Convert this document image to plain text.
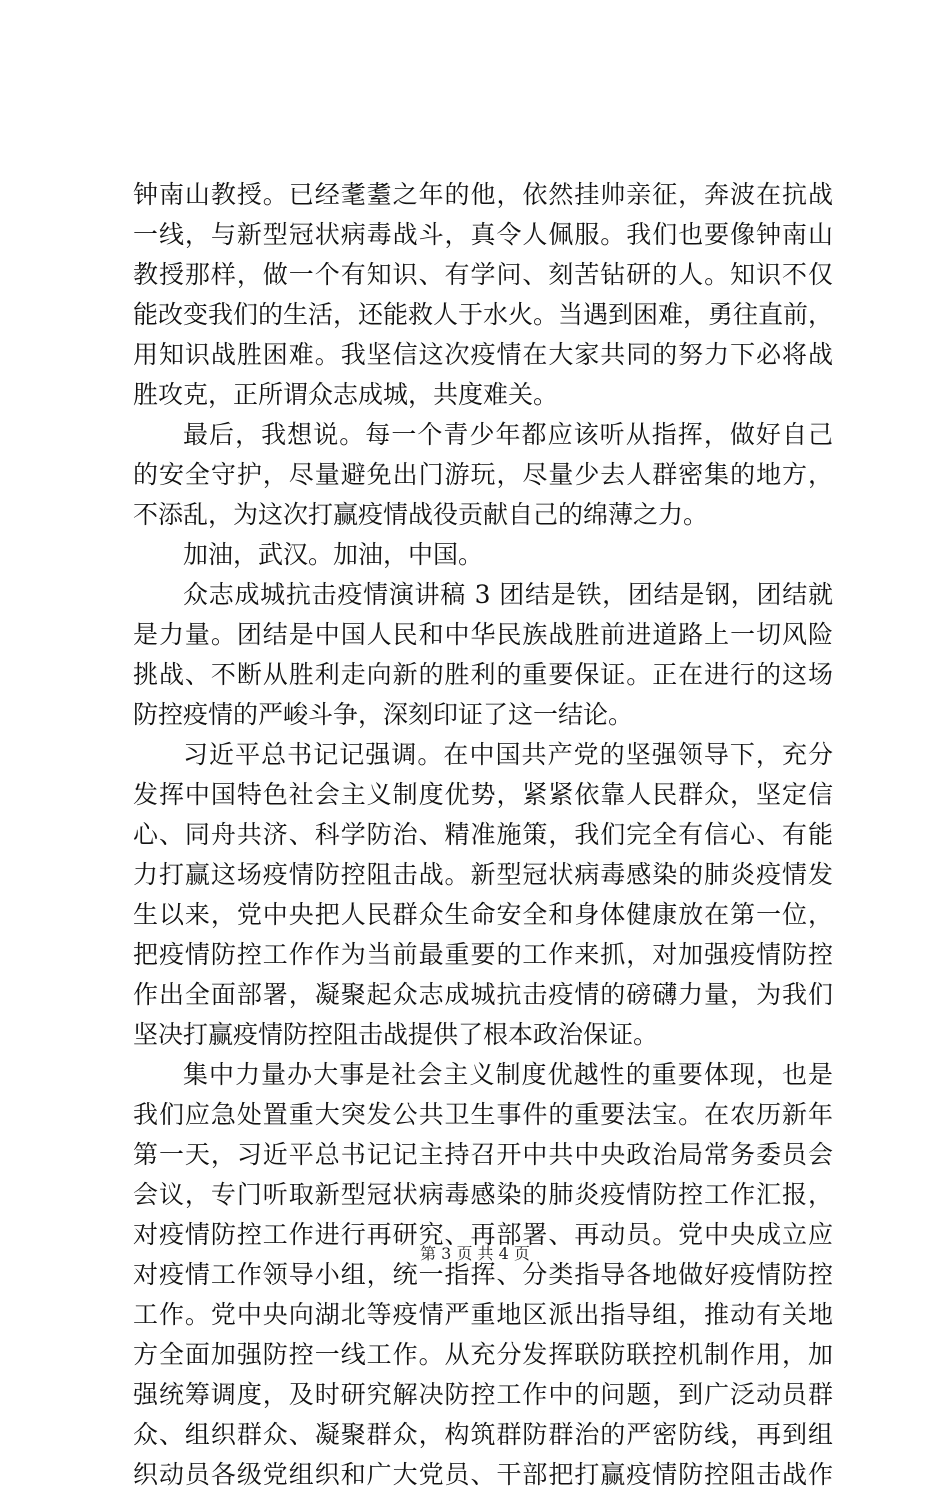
钟南山教授。已经耄耋之年的他，依然挂帅亲征，奔波在抗战
一线，与新型冠状病毒战斗，真令人佩服。我们也要像钟南山
教授那样，做一个有知识、有学问、刻苦钻研的人。知识不仅
能改变我们的生活，还能救人于水火。当遇到困难，勇往直前，
用知识战胜困难。我坚信这次疫情在大家共同的努力下必将战
胜攻克，正所谓众志成城，共度难关。
最后，我想说。每一个青少年都应该听从指挥，做好自己
的安全守护，尽量避免出门游玩，尽量少去人群密集的地方，
不添乱，为这次打赢疫情战役贡献自己的绵薄之力。
加油，武汉。加油，中国。
众志成城抗击疫情演讲稿 3 团结是铁，团结是钢，团结就
是力量。团结是中国人民和中华民族战胜前进道路上一切风险
挑战、不断从胜利走向新的胜利的重要保证。正在进行的这场
防控疫情的严峻斗争，深刻印证了这一结论。
习近平总书记记强调。在中国共产党的坚强领导下，充分
发挥中国特色社会主义制度优势，紧紧依靠人民群众，坚定信
心、同舟共济、科学防治、精准施策，我们完全有信心、有能
力打赢这场疫情防控阻击战。新型冠状病毒感染的肺炎疫情发
生以来，党中央把人民群众生命安全和身体健康放在第一位，
把疫情防控工作作为当前最重要的工作来抓，对加强疫情防控
作出全面部署，凝聚起众志成城抗击疫情的磅礴力量，为我们
坚决打赢疫情防控阻击战提供了根本政治保证。
集中力量办大事是社会主义制度优越性的重要体现，也是
我们应急处置重大突发公共卫生事件的重要法宝。在农历新年
第一天，习近平总书记记主持召开中共中央政治局常务委员会
会议，专门听取新型冠状病毒感染的肺炎疫情防控工作汇报，
对疫情防控工作进行再研究、再部署、再动员。党中央成立应
对疫情工作领导小组，统一指挥、分类指导各地做好疫情防控
工作。党中央向湖北等疫情严重地区派出指导组，推动有关地
方全面加强防控一线工作。从充分发挥联防联控机制作用，加
强统筹调度，及时研究解决防控工作中的问题，到广泛动员群
众、组织群众、凝聚群众，构筑群防群治的严密防线，再到组
织动员各级党组织和广大党员、干部把打赢疫情防控阻击战作
第 3 页 共 4 页
